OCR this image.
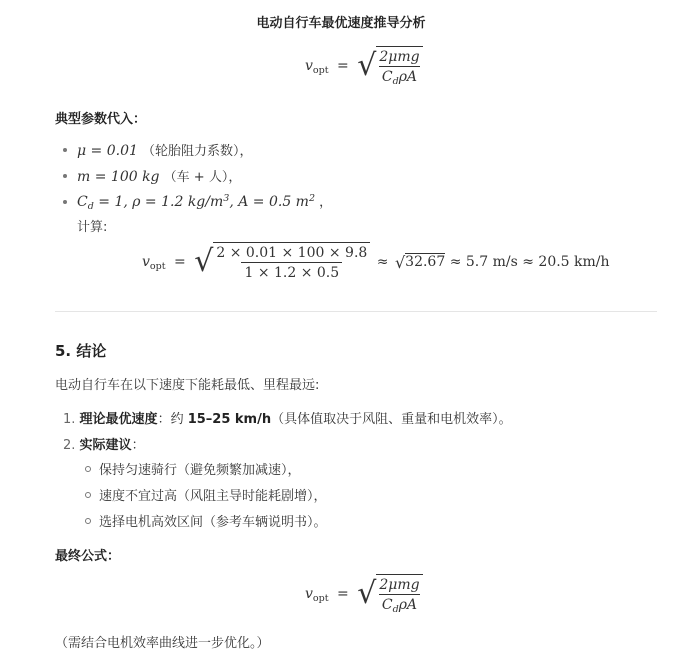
电动自行车最优速度推导分析
$v_{opt}$ = √ $\frac{\text{2μmg}}{C_d\rho A}$
典型参数代入：
μ = 0.01 （轮胎阻力系数），
m = 100 kg （车 + 人），
$C_d = 1$, ρ = 1.2 $kg/m^3$, A = 0.5 $m^2$ ，
计算:
$v_{opt}$ = √ $\frac{2 \times 0.01 \times 100 \times 9.8}{1 \times 1.2 \times 0.5}$ ≈ √ 32.67 ≈ 5.7 m/s ≈ 20.5 km/h
5. 结论
电动自行车在以下速度下能耗最低、里程最远:
1. 理论最优速度：约 15–25 km/h（具体值取决于风阻、重量和电机效率）。
2. 实际建议：
保持匀速骑行（避免频繁加减速），
速度不宜过高（风阻主导时能耗剧增），
选择电机高效区间（参考车辆说明书）。
最终公式：
$v_{opt}$ = √ $\frac{\text{2μmg}}{C_d\rho A}$
（需结合电机效率曲线进一步优化。）
